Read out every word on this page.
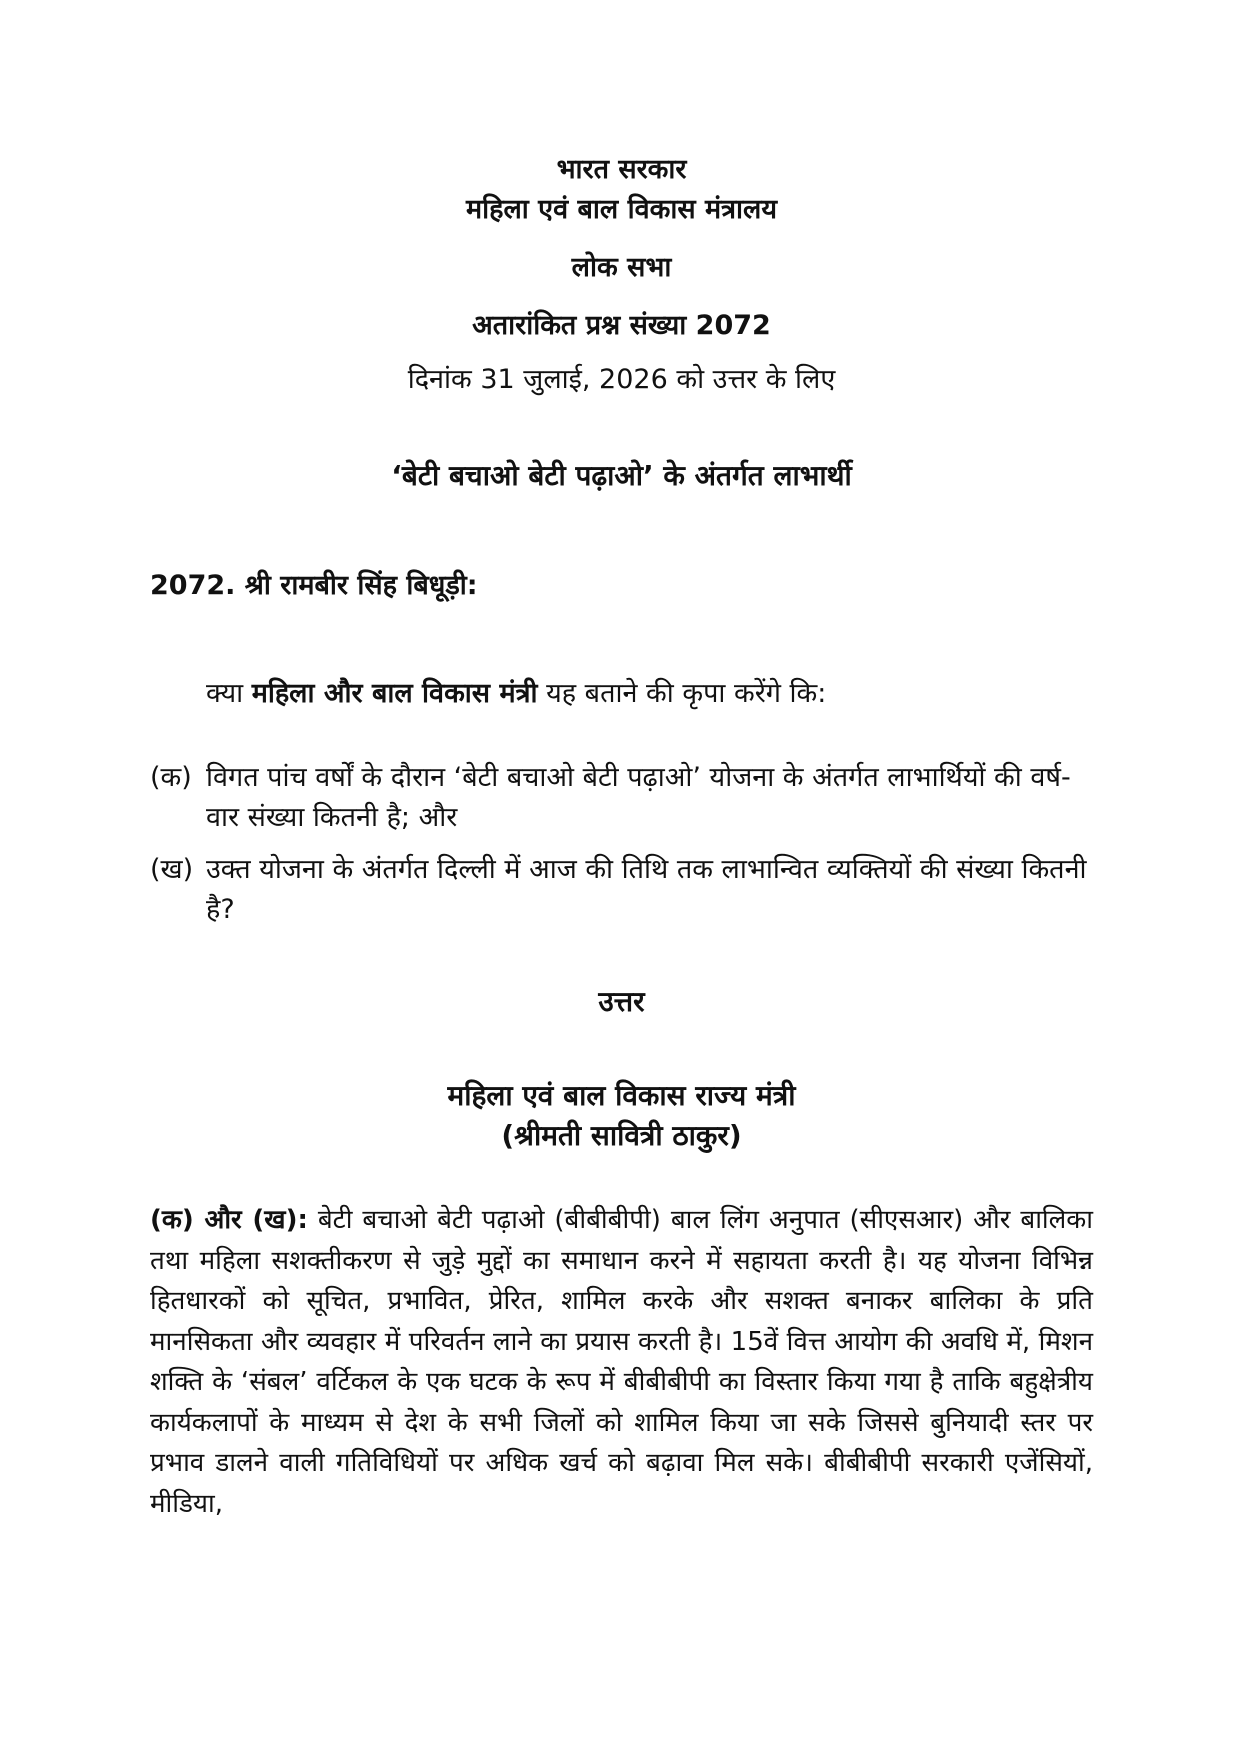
भारत सरकार

महिला एवं बाल विकास मंत्रालय

लोक सभा

अतारांकित प्रश्न संख्या 2072

दिनांक 31 जुलाई, 2026 को उत्तर के लिए

‘बेटी बचाओ बेटी पढ़ाओ’ के अंतर्गत लाभार्थी
2072. श्री रामबीर सिंह बिधूड़ी:
क्या महिला और बाल विकास मंत्री यह बताने की कृपा करेंगे कि:
(क) विगत पांच वर्षों के दौरान ‘बेटी बचाओ बेटी पढ़ाओ’ योजना के अंतर्गत लाभार्थियों की वर्ष-वार संख्या कितनी है; और
(ख) उक्त योजना के अंतर्गत दिल्ली में आज की तिथि तक लाभान्वित व्यक्तियों की संख्या कितनी है?
उत्तर
महिला एवं बाल विकास राज्य मंत्री
(श्रीमती सावित्री ठाकुर)
(क) और (ख): बेटी बचाओ बेटी पढ़ाओ (बीबीबीपी) बाल लिंग अनुपात (सीएसआर) और बालिका तथा महिला सशक्तीकरण से जुड़े मुद्दों का समाधान करने में सहायता करती है। यह योजना विभिन्न हितधारकों को सूचित, प्रभावित, प्रेरित, शामिल करके और सशक्त बनाकर बालिका के प्रति मानसिकता और व्यवहार में परिवर्तन लाने का प्रयास करती है। 15वें वित्त आयोग की अवधि में, मिशन शक्ति के ‘संबल’ वर्टिकल के एक घटक के रूप में बीबीबीपी का विस्तार किया गया है ताकि बहुक्षेत्रीय कार्यकलापों के माध्यम से देश के सभी जिलों को शामिल किया जा सके जिससे बुनियादी स्तर पर प्रभाव डालने वाली गतिविधियों पर अधिक खर्च को बढ़ावा मिल सके। बीबीबीपी सरकारी एजेंसियों, मीडिया,
